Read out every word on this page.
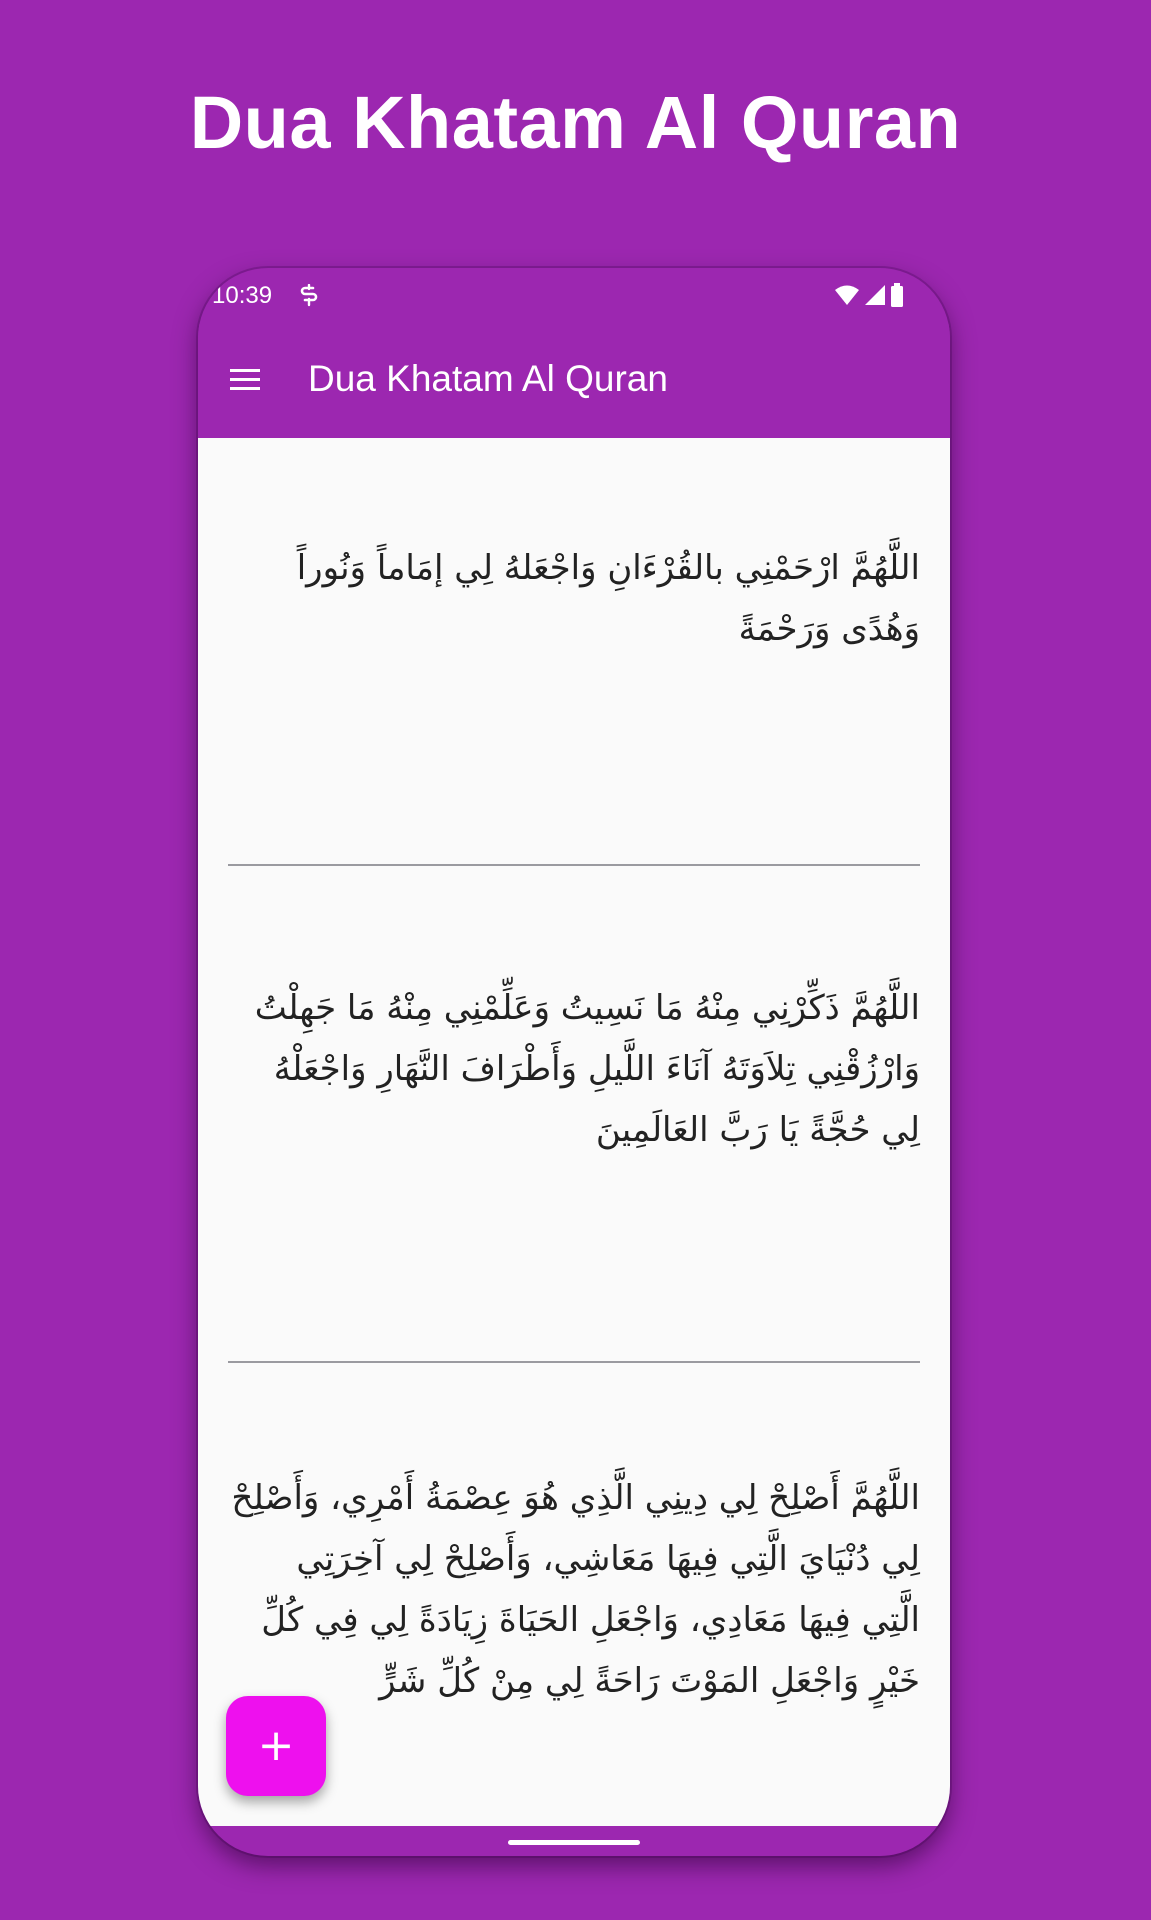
Dua Khatam Al Quran
10:39
Dua Khatam Al Quran

اللَّهُمَّ ارْحَمْنِي بالقُرْءَانِ وَاجْعَلهُ لِي إمَاماً وَنُوراً وَهُدًى وَرَحْمَةً

اللَّهُمَّ ذَكِّرْنِي مِنْهُ مَا نَسِيتُ وَعَلِّمْنِي مِنْهُ مَا جَهِلْتُ وَارْزُقْنِي تِلاَوَتَهُ آنَاءَ اللَّيلِ وَأَطْرَافَ النَّهَارِ وَاجْعَلْهُ لِي حُجَّةً يَا رَبَّ العَالَمِينَ

اللَّهُمَّ أَصْلِحْ لِي دِينِي الَّذِي هُوَ عِصْمَةُ أَمْرِي، وَأَصْلِحْ لِي دُنْيَايَ الَّتِي فِيهَا مَعَاشِي، وَأَصْلِحْ لِي آخِرَتِي الَّتِي فِيهَا مَعَادِي، وَاجْعَلِ الحَيَاةَ زِيَادَةً لِي فِي كُلِّ خَيْرٍ وَاجْعَلِ المَوْتَ رَاحَةً لِي مِنْ كُلِّ شَرٍّ

+
